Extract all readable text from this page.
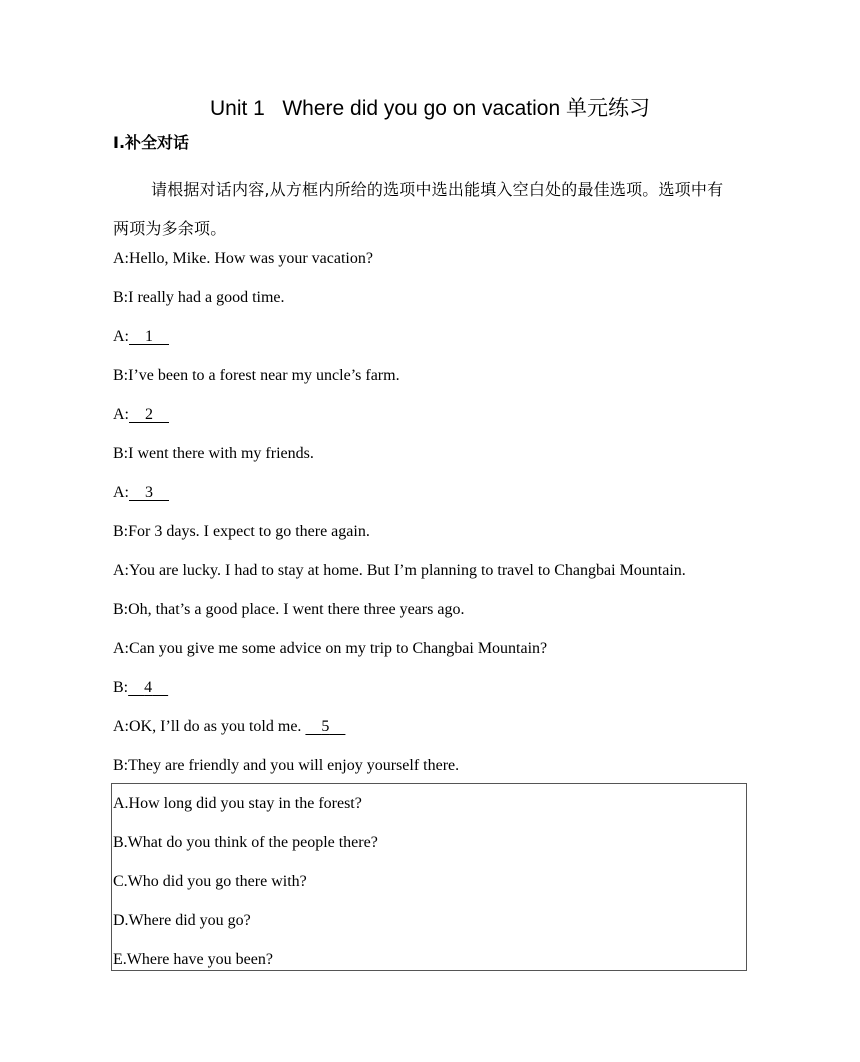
Unit 1   Where did you go on vacation 单元练习
Ⅰ.补全对话
请根据对话内容,从方框内所给的选项中选出能填入空白处的最佳选项。选项中有两项为多余项。
A:Hello, Mike. How was your vacation?
B:I really had a good time.
A: 1
B:I’ve been to a forest near my uncle’s farm.
A: 2
B:I went there with my friends.
A: 3
B:For 3 days. I expect to go there again.
A:You are lucky. I had to stay at home. But I’m planning to travel to Changbai Mountain.
B:Oh, that’s a good place. I went there three years ago.
A:Can you give me some advice on my trip to Changbai Mountain?
B: 4
A:OK, I’ll do as you told me.     5
B:They are friendly and you will enjoy yourself there.
A.How long did you stay in the forest?
B.What do you think of the people there?
C.Who did you go there with?
D.Where did you go?
E.Where have you been?
